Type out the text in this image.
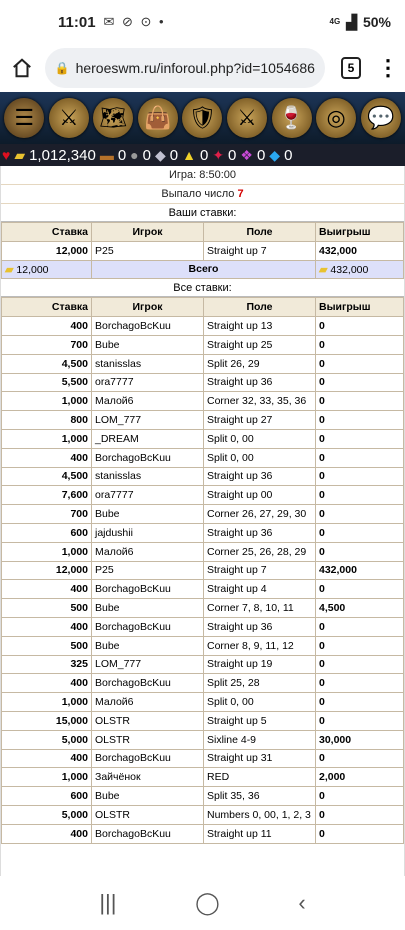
11:01 ✉ ⊘ ⊙ •	4G ▟ 50%
🔒 heroeswm.ru/inforoul.php?id=1054686	5	⋮
☰	⚔ 🗺 👜 🛡 ⚔ 🍷 ◎ 💬
♥ ▰ 1,012,340 ▬ 0 ● 0 ◆ 0 ▲ 0 ✦ 0 ❖ 0 ◆ 0
Игра: 8:50:00
Выпало число 7
Ваши ставки:
Ставка	Игрок	Поле	Выигрыш
12,000	P25	Straight up 7	432,000
▰ 12,000	Всего		▰ 432,000
Все ставки:
Ставка	Игрок	Поле	Выигрыш
400	BorchagoBcKuu	Straight up 13	0
700	Bube	Straight up 25	0
4,500	stanisslas	Split 26, 29	0
5,500	ora7777	Straight up 36	0
1,000	Малой6	Corner 32, 33, 35, 36	0
800	LOM_777	Straight up 27	0
1,000	_DREAM	Split 0, 00	0
400	BorchagoBcKuu	Split 0, 00	0
4,500	stanisslas	Straight up 36	0
7,600	ora7777	Straight up 00	0
700	Bube	Corner 26, 27, 29, 30	0
600	jajdushii	Straight up 36	0
1,000	Малой6	Corner 25, 26, 28, 29	0
12,000	P25	Straight up 7	432,000
400	BorchagoBcKuu	Straight up 4	0
500	Bube	Corner 7, 8, 10, 11	4,500
400	BorchagoBcKuu	Straight up 36	0
500	Bube	Corner 8, 9, 11, 12	0
325	LOM_777	Straight up 19	0
400	BorchagoBcKuu	Split 25, 28	0
1,000	Малой6	Split 0, 00	0
15,000	OLSTR	Straight up 5	0
5,000	OLSTR	Sixline 4-9	30,000
400	BorchagoBcKuu	Straight up 31	0
1,000	Зайчёнок	RED	2,000
600	Bube	Split 35, 36	0
5,000	OLSTR	Numbers 0, 00, 1, 2, 3	0
400	BorchagoBcKuu	Straight up 11	0
|||	◯	‹
